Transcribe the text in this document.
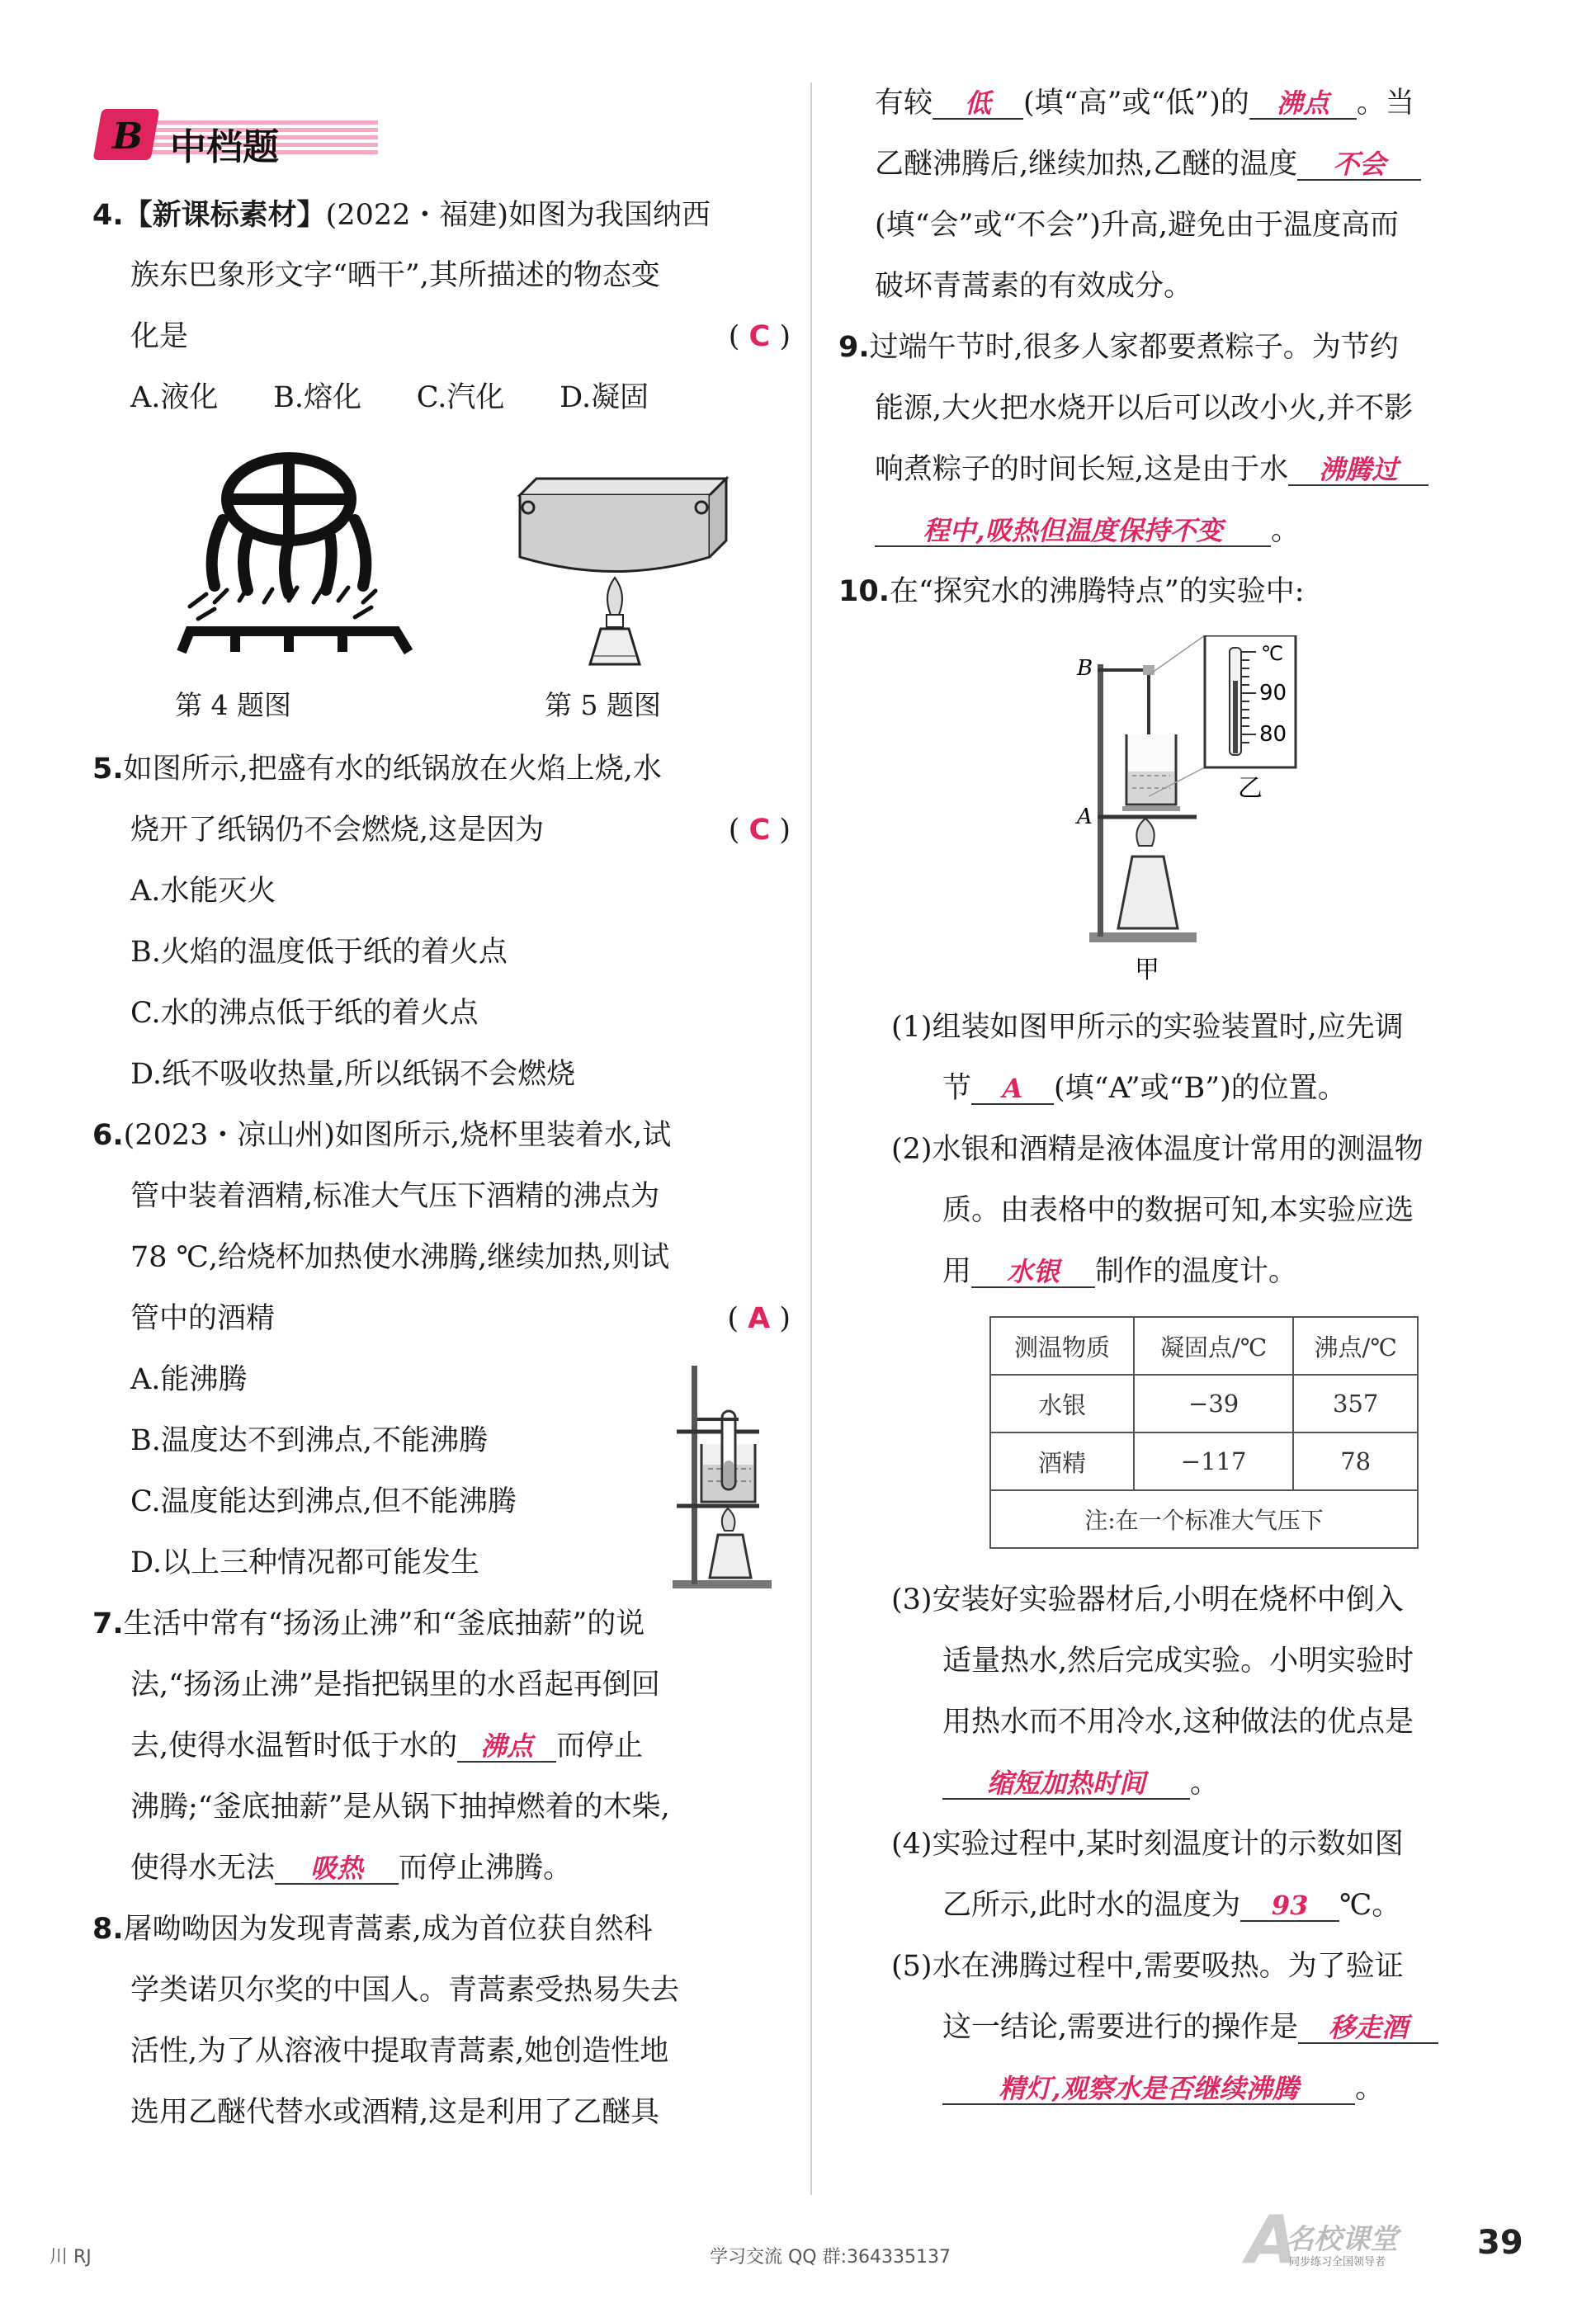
B 中档题
4.【新课标素材】(2022・福建)如图为我国纳西
族东巴象形文字“晒干”,其所描述的物态变
化是	( C )
A.液化      B.熔化      C.汽化      D.凝固
第 4 题图	第 5 题图
5.如图所示,把盛有水的纸锅放在火焰上烧,水
烧开了纸锅仍不会燃烧,这是因为	( C )
A.水能灭火
B.火焰的温度低于纸的着火点
C.水的沸点低于纸的着火点
D.纸不吸收热量,所以纸锅不会燃烧
6.(2023・凉山州)如图所示,烧杯里装着水,试
管中装着酒精,标准大气压下酒精的沸点为
78 ℃,给烧杯加热使水沸腾,继续加热,则试
管中的酒精	( A )
A.能沸腾
B.温度达不到沸点,不能沸腾
C.温度能达到沸点,但不能沸腾
D.以上三种情况都可能发生
7.生活中常有“扬汤止沸”和“釜底抽薪”的说
法,“扬汤止沸”是指把锅里的水舀起再倒回
去,使得水温暂时低于水的 沸点 而停止
沸腾;“釜底抽薪”是从锅下抽掉燃着的木柴,
使得水无法 吸热 而停止沸腾。
8.屠呦呦因为发现青蒿素,成为首位获自然科
学类诺贝尔奖的中国人。青蒿素受热易失去
活性,为了从溶液中提取青蒿素,她创造性地
选用乙醚代替水或酒精,这是利用了乙醚具
有较 低 (填“高”或“低”)的 沸点 。当
乙醚沸腾后,继续加热,乙醚的温度 不会
(填“会”或“不会”)升高,避免由于温度高而
破坏青蒿素的有效成分。
9.过端午节时,很多人家都要煮粽子。为节约
能源,大火把水烧开以后可以改小火,并不影
响煮粽子的时间长短,这是由于水 沸腾过
程中,吸热但温度保持不变 。
10.在“探究水的沸腾特点”的实验中:
B
A
℃
90
80
乙
甲
(1)组装如图甲所示的实验装置时,应先调
节 A (填“A”或“B”)的位置。
(2)水银和酒精是液体温度计常用的测温物
质。由表格中的数据可知,本实验应选
用 水银 制作的温度计。
(3)安装好实验器材后,小明在烧杯中倒入
适量热水,然后完成实验。小明实验时
用热水而不用冷水,这种做法的优点是
缩短加热时间 。
(4)实验过程中,某时刻温度计的示数如图
乙所示,此时水的温度为 93 ℃。
(5)水在沸腾过程中,需要吸热。为了验证
这一结论,需要进行的操作是 移走酒
精灯,观察水是否继续沸腾 。
测温物质	凝固点/℃	沸点/℃
水银	−39	357
酒精	−117	78
注:在一个标准大气压下		
川 RJ	学习交流 QQ 群:364335137	A
名校课堂
同步练习全国领导者
39
